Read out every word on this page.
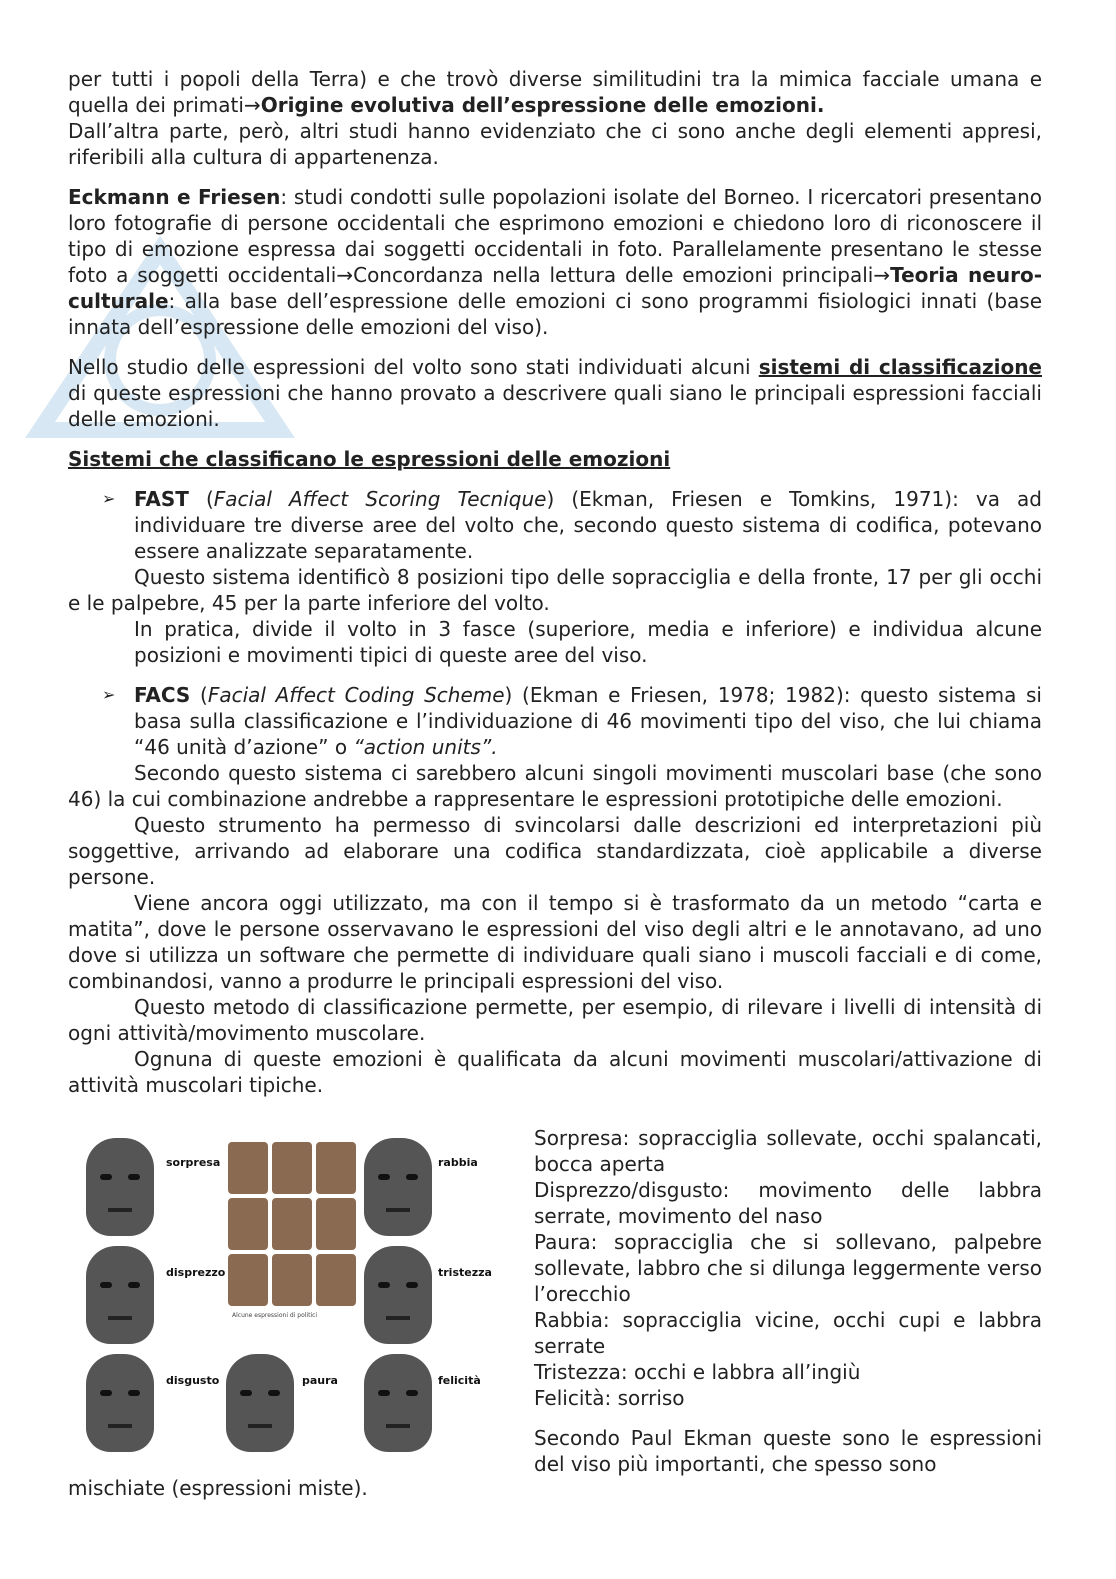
per tutti i popoli della Terra) e che trovò diverse similitudini tra la mimica facciale umana e quella dei primati→Origine evolutiva dell’espressione delle emozioni.

Dall’altra parte, però, altri studi hanno evidenziato che ci sono anche degli elementi appresi, riferibili alla cultura di appartenenza.

Eckmann e Friesen: studi condotti sulle popolazioni isolate del Borneo. I ricercatori presentano loro fotografie di persone occidentali che esprimono emozioni e chiedono loro di riconoscere il tipo di emozione espressa dai soggetti occidentali in foto. Parallelamente presentano le stesse foto a soggetti occidentali→Concordanza nella lettura delle emozioni principali→Teoria neuro-culturale: alla base dell’espressione delle emozioni ci sono programmi fisiologici innati (base innata dell’espressione delle emozioni del viso).

Nello studio delle espressioni del volto sono stati individuati alcuni sistemi di classificazione di queste espressioni che hanno provato a descrivere quali siano le principali espressioni facciali delle emozioni.

Sistemi che classificano le espressioni delle emozioni

➢ FAST (Facial Affect Scoring Tecnique) (Ekman, Friesen e Tomkins, 1971): va ad individuare tre diverse aree del volto che, secondo questo sistema di codifica, potevano essere analizzate separatamente.

Questo sistema identificò 8 posizioni tipo delle sopracciglia e della fronte, 17 per gli occhi e le palpebre, 45 per la parte inferiore del volto.

In pratica, divide il volto in 3 fasce (superiore, media e inferiore) e individua alcune posizioni e movimenti tipici di queste aree del viso.

➢ FACS (Facial Affect Coding Scheme) (Ekman e Friesen, 1978; 1982): questo sistema si basa sulla classificazione e l’individuazione di 46 movimenti tipo del viso, che lui chiama “46 unità d’azione” o “action units”.

Secondo questo sistema ci sarebbero alcuni singoli movimenti muscolari base (che sono 46) la cui combinazione andrebbe a rappresentare le espressioni prototipiche delle emozioni.

Questo strumento ha permesso di svincolarsi dalle descrizioni ed interpretazioni più soggettive, arrivando ad elaborare una codifica standardizzata, cioè applicabile a diverse persone.

Viene ancora oggi utilizzato, ma con il tempo si è trasformato da un metodo “carta e matita”, dove le persone osservavano le espressioni del viso degli altri e le annotavano, ad uno dove si utilizza un software che permette di individuare quali siano i muscoli facciali e di come, combinandosi, vanno a produrre le principali espressioni del viso.

Questo metodo di classificazione permette, per esempio, di rilevare i livelli di intensità di ogni attività/movimento muscolare.

Ognuna di queste emozioni è qualificata da alcuni movimenti muscolari/attivazione di attività muscolari tipiche.

sorpresa	rabbia
disprezzo	tristezza
disgusto	paura	felicità
Alcune espressioni di politici

Sorpresa: sopracciglia sollevate, occhi spalancati, bocca aperta

Disprezzo/disgusto: movimento delle labbra serrate, movimento del naso

Paura: sopracciglia che si sollevano, palpebre sollevate, labbro che si dilunga leggermente verso l’orecchio

Rabbia: sopracciglia vicine, occhi cupi e labbra serrate

Tristezza: occhi e labbra all’ingiù

Felicità: sorriso

Secondo Paul Ekman queste sono le espressioni del viso più importanti, che spesso sono

mischiate (espressioni miste).
